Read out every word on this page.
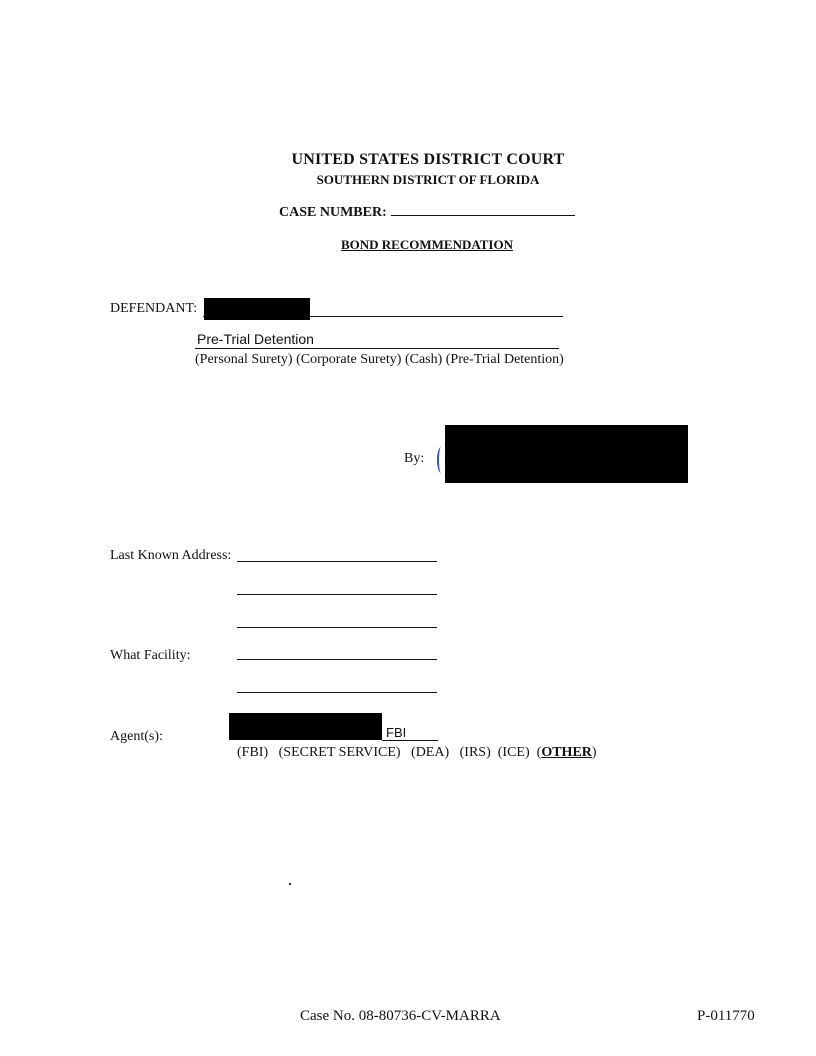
UNITED STATES DISTRICT COURT
SOUTHERN DISTRICT OF FLORIDA
CASE NUMBER:
BOND RECOMMENDATION
DEFENDANT:
Pre-Trial Detention
(Personal Surety) (Corporate Surety) (Cash) (Pre-Trial Detention)
By:
Last Known Address:
What Facility:
Agent(s):	FBI
(FBI) (SECRET SERVICE) (DEA) (IRS) (ICE)  (OTHER)
Case No. 08-80736-CV-MARRA	P-011770
